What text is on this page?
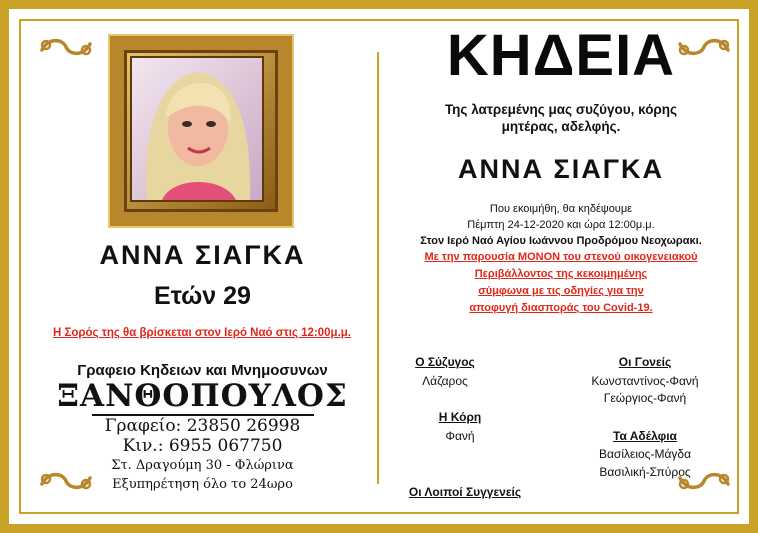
ΑΝΝΑ ΣΙΑΓΚΑ
Ετών 29
Η Σορός της θα βρίσκεται στον Ιερό Ναό στις 12:00μ.μ.
Γραφειο Κηδειων και Μνημοσυνων
ΞΑΝΘΟΠΟΥΛΟΣ
Γραφείο: 23850 26998
Κιν.: 6955 067750
Στ. Δραγούμη 30 - Φλώρινα
Εξυπηρέτηση όλο το 24ωρο
ΚΗΔΕΙΑ
Της λατρεμένης μας συζύγου, κόρης
μητέρας, αδελφής.
ΑΝΝΑ ΣΙΑΓΚΑ
Που εκοιμήθη, θα κηδέψουμε
Πέμπτη 24-12-2020 και ώρα 12:00μ.μ.
Στον Ιερό Ναό Αγίου Ιωάννου Προδρόμου Νεοχωρακι.
Με την παρουσία ΜΟΝΟΝ του στενού οικογενειακού
Περιβάλλοντος της κεκοιμημένης
σύμφωνα με τις οδηγίες για την
αποφυγή διασποράς του Covid-19.
Ο Σύζυγος
Λάζαρος
Η Κόρη
Φανή
Οι Γονείς
Κωνσταντίνος-Φανή
Γεώργιος-Φανή
Τα Αδέλφια
Βασίλειος-Μάγδα
Βασιλική-Σπύρος
Οι Λοιποί Συγγενείς
